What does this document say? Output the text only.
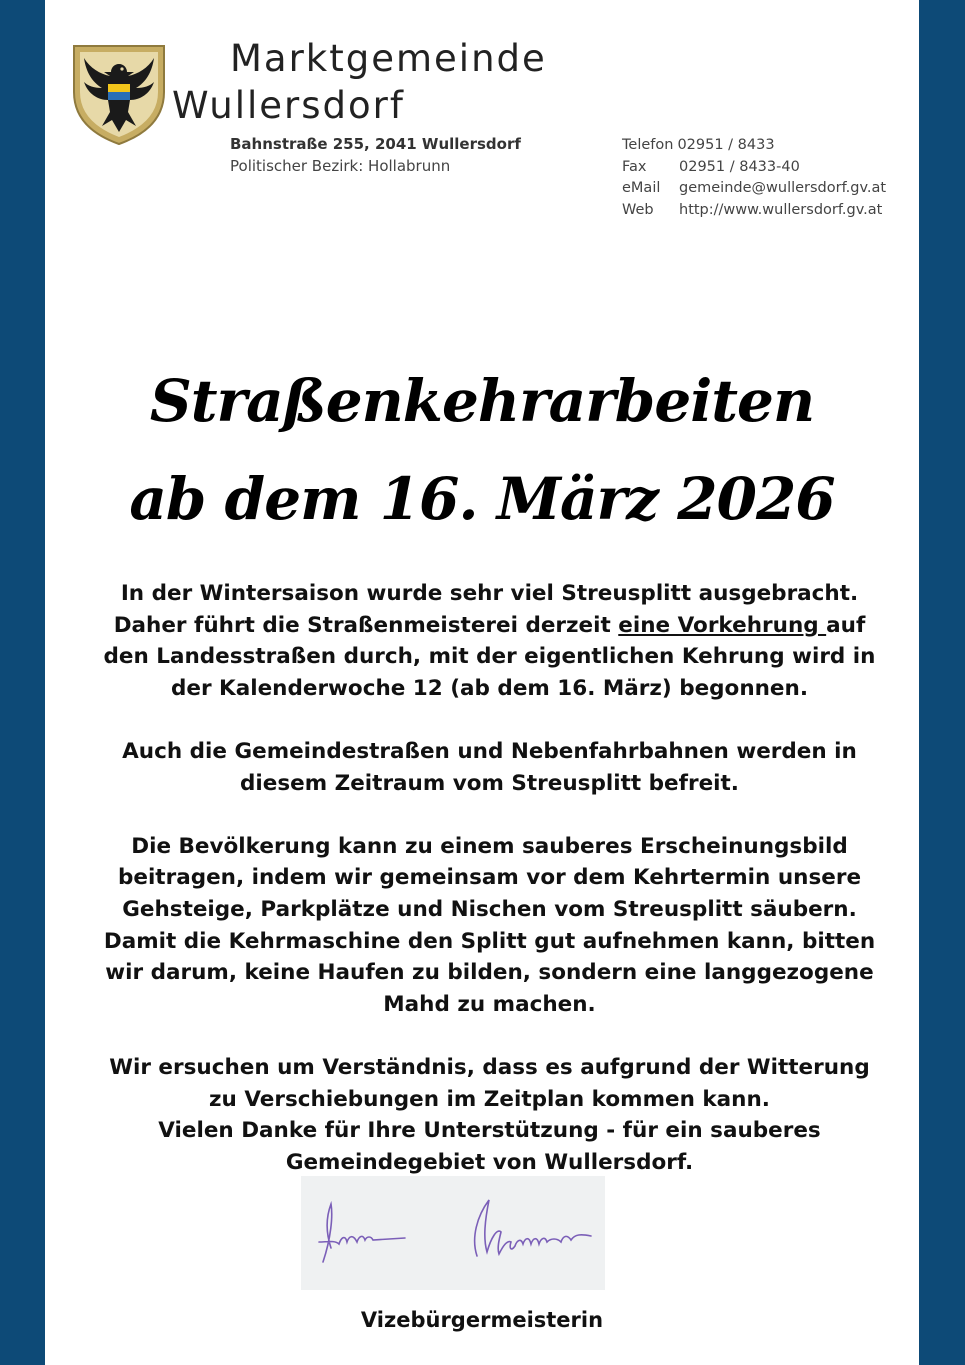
Marktgemeinde
Wullersdorf
Bahnstraße 255, 2041 Wullersdorf
Politischer Bezirk: Hollabrunn
Telefon 02951 / 8433
Fax	02951 / 8433-40
eMail	gemeinde@wullersdorf.gv.at
Web	http://www.wullersdorf.gv.at
Straßenkehrarbeiten
ab dem 16. März 2026

In der Wintersaison wurde sehr viel Streusplitt ausgebracht. Daher führt die Straßenmeisterei derzeit eine Vorkehrung auf den Landesstraßen durch, mit der eigentlichen Kehrung wird in der Kalenderwoche 12 (ab dem 16. März) begonnen.

Auch die Gemeindestraßen und Nebenfahrbahnen werden in diesem Zeitraum vom Streusplitt befreit.

Die Bevölkerung kann zu einem sauberes Erscheinungsbild beitragen, indem wir gemeinsam vor dem Kehrtermin unsere Gehsteige, Parkplätze und Nischen vom Streusplitt säubern. Damit die Kehrmaschine den Splitt gut aufnehmen kann, bitten wir darum, keine Haufen zu bilden, sondern eine langgezogene Mahd zu machen.

Wir ersuchen um Verständnis, dass es aufgrund der Witterung zu Verschiebungen im Zeitplan kommen kann.
Vielen Danke für Ihre Unterstützung - für ein sauberes Gemeindegebiet von Wullersdorf.

Vizebürgermeisterin
